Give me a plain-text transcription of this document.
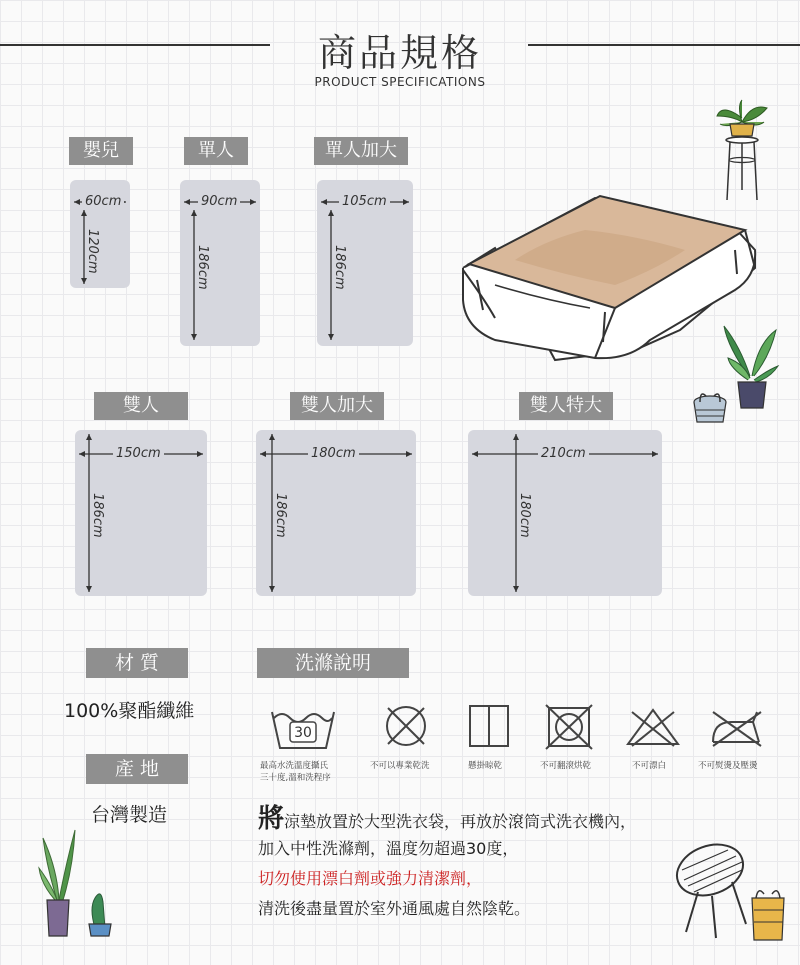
商品規格
PRODUCT SPECIFICATIONS
嬰兒
60cm
120cm
單人
90cm
186cm
單人加大
105cm
186cm
雙人
150cm
186cm
雙人加大
180cm
186cm
雙人特大
210cm
180cm
材 質
100%聚酯纖維
產 地
台灣製造
洗滌說明
30
最高水洗溫度攝氏
三十度,溫和洗程序
不可以專業乾洗	懸掛晾乾	不可翻滾烘乾	不可漂白	不可熨燙及壓燙
將涼墊放置於大型洗衣袋，再放於滾筒式洗衣機內，
加入中性洗滌劑，溫度勿超過30度，
切勿使用漂白劑或強力清潔劑，
清洗後盡量置於室外通風處自然陰乾。
